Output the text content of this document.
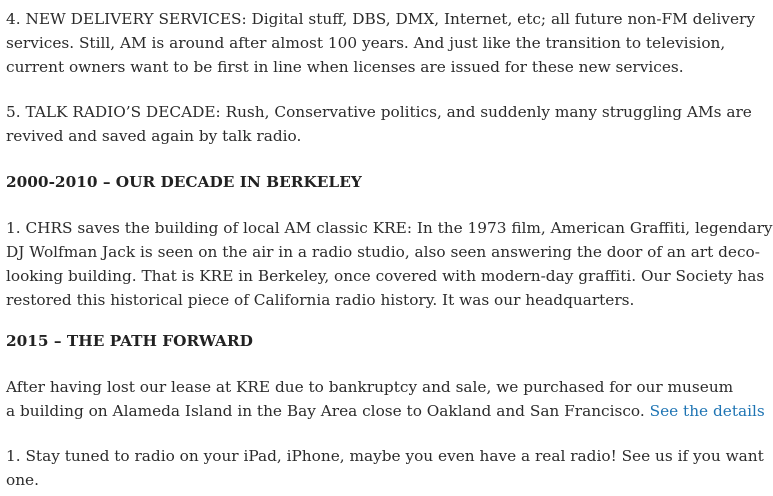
4. NEW DELIVERY SERVICES: Digital stuff, DBS, DMX, Internet, etc; all future non-FM delivery
services. Still, AM is around after almost 100 years. And just like the transition to television,
current owners want to be first in line when licenses are issued for these new services.

5. TALK RADIO’S DECADE: Rush, Conservative politics, and suddenly many struggling AMs are
revived and saved again by talk radio.

2000-2010 – OUR DECADE IN BERKELEY

1. CHRS saves the building of local AM classic KRE: In the 1973 film, American Graffiti, legendary
DJ Wolfman Jack is seen on the air in a radio studio, also seen answering the door of an art deco-
looking building. That is KRE in Berkeley, once covered with modern-day graffiti. Our Society has
restored this historical piece of California radio history. It was our headquarters.

2015 – THE PATH FORWARD

After having lost our lease at KRE due to bankruptcy and sale, we purchased for our museum
a building on Alameda Island in the Bay Area close to Oakland and San Francisco. See the details

1. Stay tuned to radio on your iPad, iPhone, maybe you even have a real radio! See us if you want
one.
